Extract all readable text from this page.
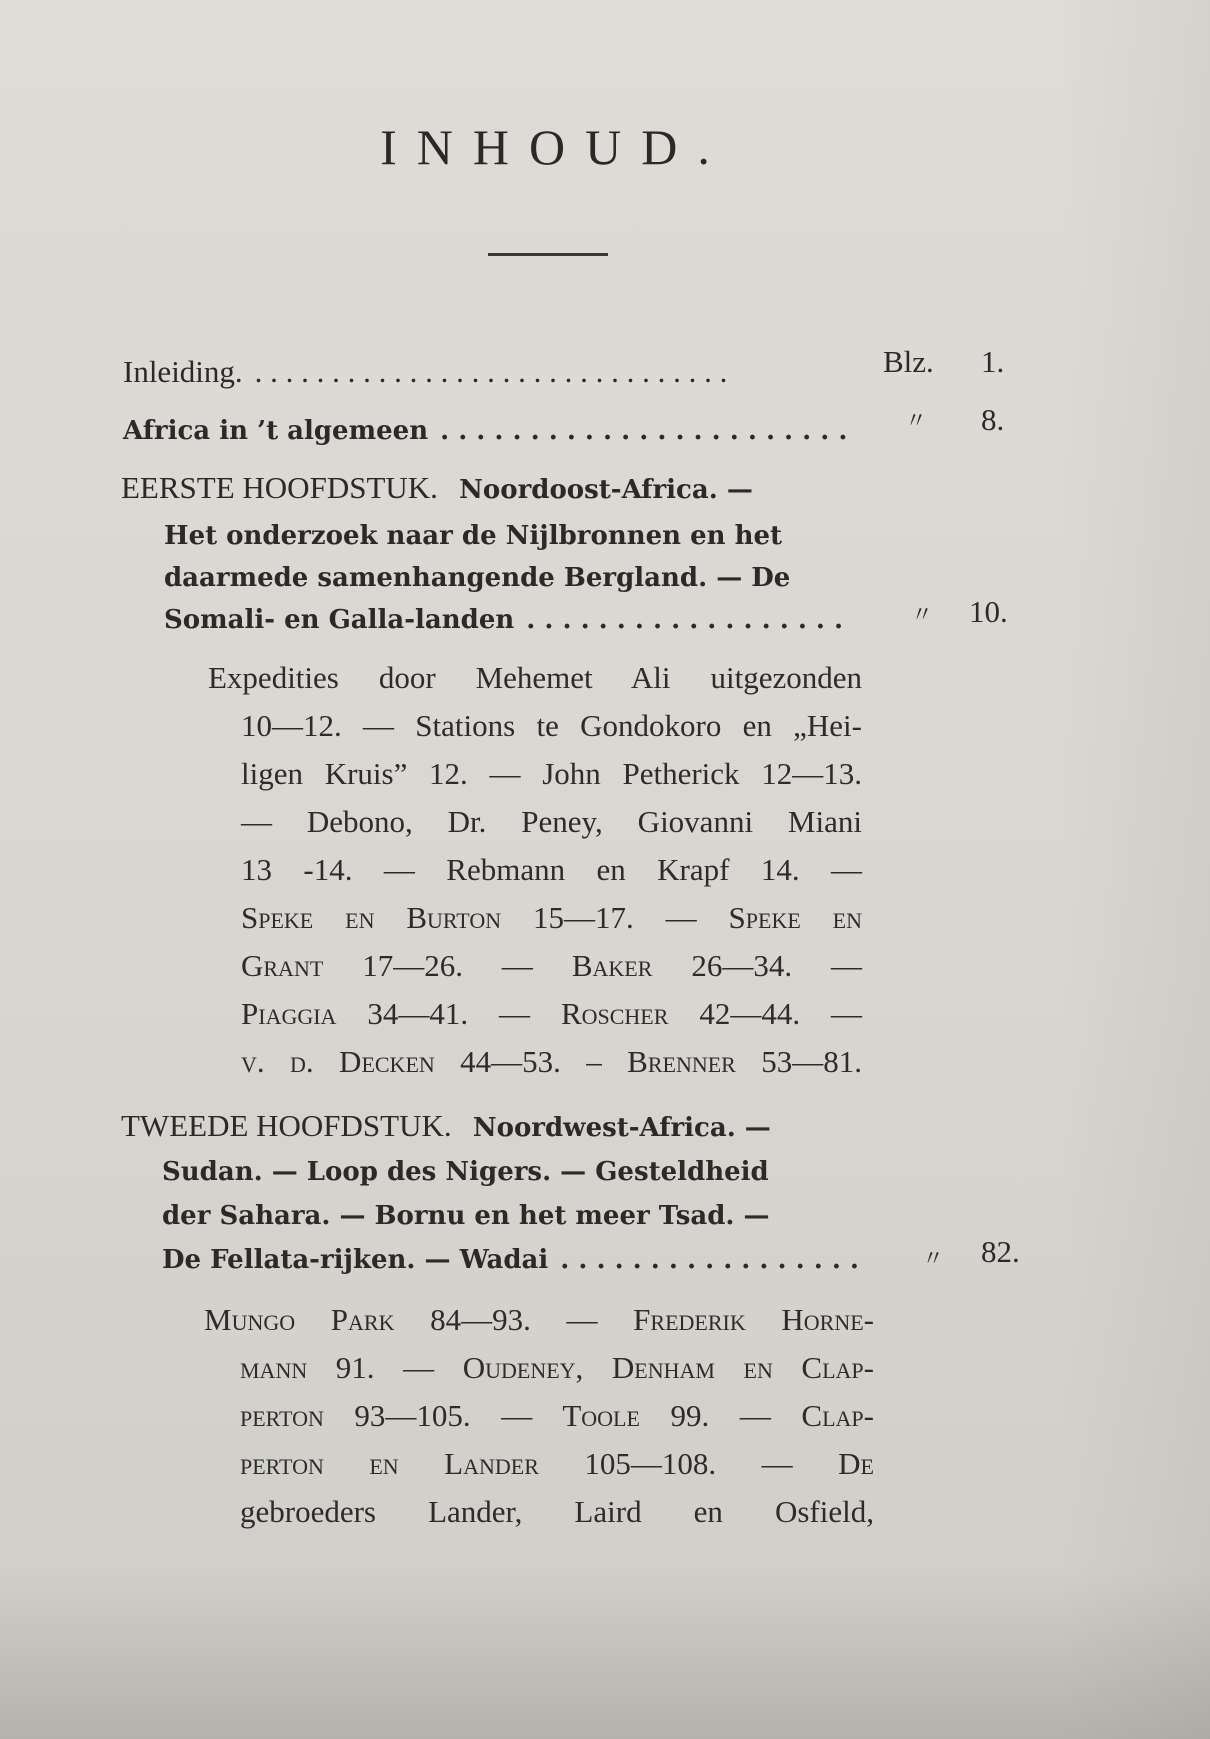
INHOUD.
Inleiding. . .	Blz. 1.
Africa in ’t algemeen . .	〃 8.
EERSTE HOOFDSTUK. Noordoost-Africa. —
Het onderzoek naar de Nijlbronnen en het
daarmede samenhangende Bergland. — De
Somali- en Galla-landen . .	〃 10.
Expedities door Mehemet Ali uitgezonden
10—12. — Stations te Gondokoro en „Hei-
ligen Kruis” 12. — John Petherick 12—13.
— Debono, Dr. Peney, Giovanni Miani
13 -14. — Rebmann en Krapf 14. —
Speke en Burton 15—17. — Speke en
Grant 17—26. — Baker 26—34. —
Piaggia 34—41. — Roscher 42—44. —
v. d. Decken 44—53. – Brenner 53—81.
TWEEDE HOOFDSTUK. Noordwest-Africa. —
Sudan. — Loop des Nigers. — Gesteldheid
der Sahara. — Bornu en het meer Tsad. —
De Fellata-rijken. — Wadai . .	〃 82.
Mungo Park 84—93. — Frederik Horne-
mann 91. — Oudeney, Denham en Clap-
perton 93—105. — Toole 99. — Clap-
perton en Lander 105—108. — De
gebroeders Lander, Laird en Osfield,
